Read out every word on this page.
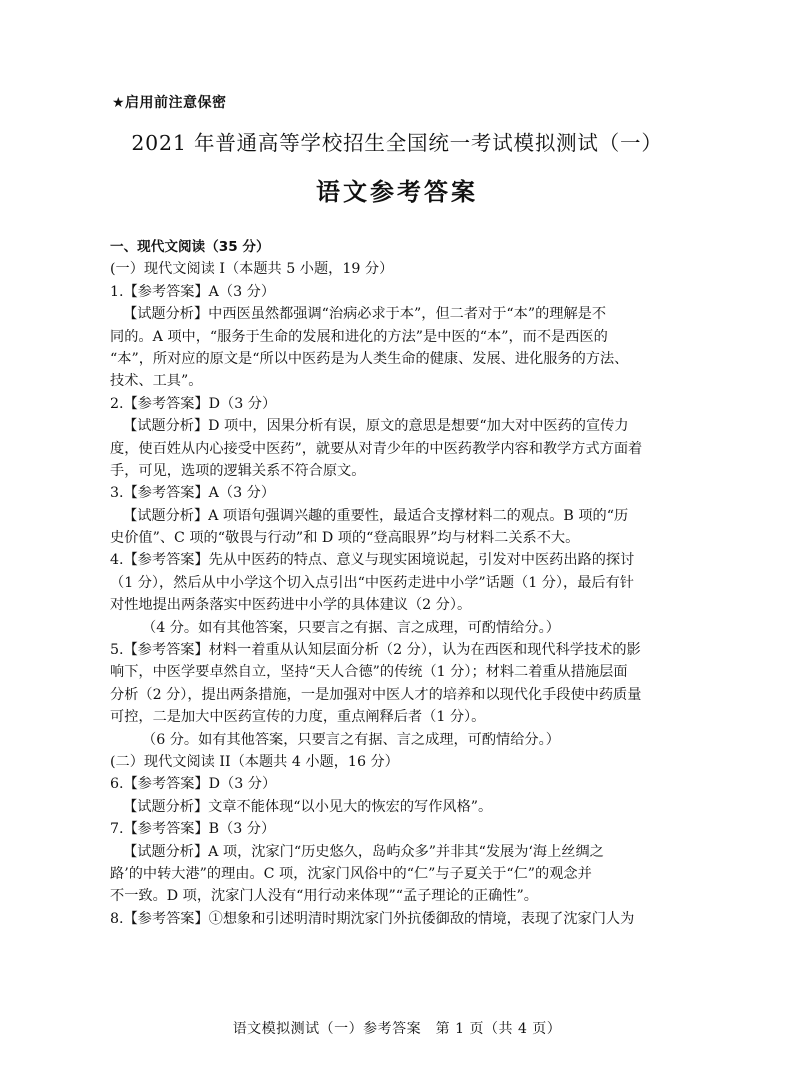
★启用前注意保密
2021 年普通高等学校招生全国统一考试模拟测试（一）
语文参考答案
一、现代文阅读（35 分）
(一）现代文阅读 I（本题共 5 小题，19 分）
1.【参考答案】A（3 分）
【试题分析】中西医虽然都强调“治病必求于本”，但二者对于“本”的理解是不
同的。A 项中，“服务于生命的发展和进化的方法”是中医的“本”，而不是西医的
“本”，所对应的原文是“所以中医药是为人类生命的健康、发展、进化服务的方法、
技术、工具”。
2.【参考答案】D（3 分）
【试题分析】D 项中，因果分析有误，原文的意思是想要“加大对中医药的宣传力
度，使百姓从内心接受中医药”，就要从对青少年的中医药教学内容和教学方式方面着
手，可见，选项的逻辑关系不符合原文。
3.【参考答案】A（3 分）
【试题分析】A 项语句强调兴趣的重要性，最适合支撑材料二的观点。B 项的“历
史价值”、C 项的“敬畏与行动”和 D 项的“登高眼界”均与材料二关系不大。
4.【参考答案】先从中医药的特点、意义与现实困境说起，引发对中医药出路的探讨
（1 分），然后从中小学这个切入点引出“中医药走进中小学”话题（1 分），最后有针
对性地提出两条落实中医药进中小学的具体建议（2 分）。
（4 分。如有其他答案，只要言之有据、言之成理，可酌情给分。）
5.【参考答案】材料一着重从认知层面分析（2 分），认为在西医和现代科学技术的影
响下，中医学要卓然自立，坚持“天人合德”的传统（1 分）；材料二着重从措施层面
分析（2 分），提出两条措施，一是加强对中医人才的培养和以现代化手段使中药质量
可控，二是加大中医药宣传的力度，重点阐释后者（1 分）。
（6 分。如有其他答案，只要言之有据、言之成理，可酌情给分。）
(二）现代文阅读 II（本题共 4 小题，16 分）
6.【参考答案】D（3 分）
【试题分析】文章不能体现“以小见大的恢宏的写作风格”。
7.【参考答案】B（3 分）
【试题分析】A 项，沈家门“历史悠久，岛屿众多”并非其“发展为‘海上丝绸之
路’的中转大港”的理由。C 项，沈家门风俗中的“仁”与子夏关于“仁”的观念并
不一致。D 项，沈家门人没有“用行动来体现”“孟子理论的正确性”。
8.【参考答案】①想象和引述明清时期沈家门外抗倭御敌的情境，表现了沈家门人为
语文模拟测试（一）参考答案　第 1 页（共 4 页）
